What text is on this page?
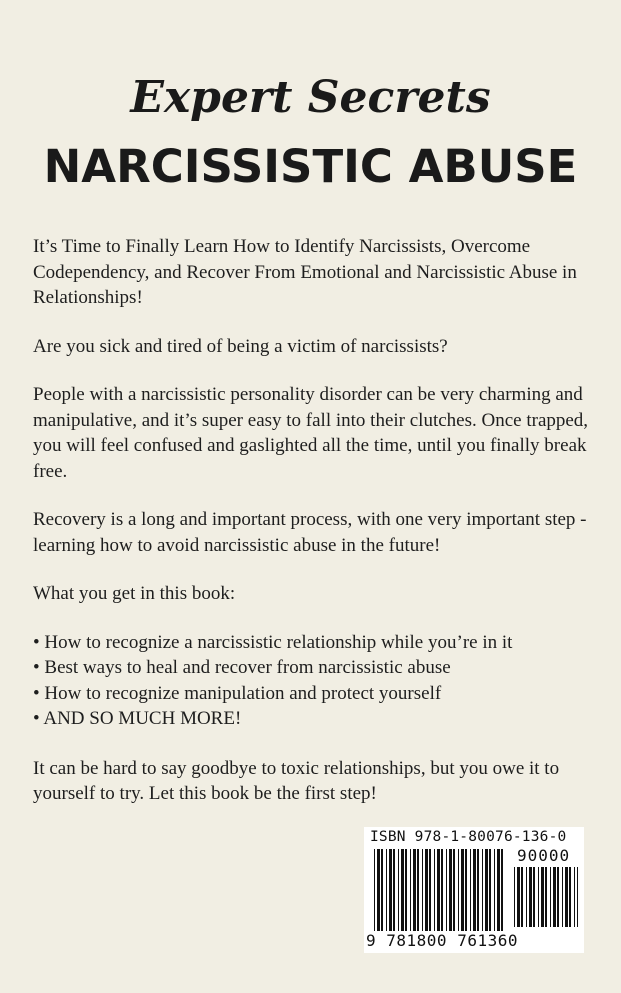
Expert Secrets
NARCISSISTIC ABUSE

It’s Time to Finally Learn How to Identify Narcissists, Overcome Codependency, and Recover From Emotional and Narcissistic Abuse in Relationships!

Are you sick and tired of being a victim of narcissists?

People with a narcissistic personality disorder can be very charming and manipulative, and it’s super easy to fall into their clutches. Once trapped, you will feel confused and gaslighted all the time, until you finally break free.

Recovery is a long and important process, with one very important step - learning how to avoid narcissistic abuse in the future!

What you get in this book:

• How to recognize a narcissistic relationship while you’re in it
• Best ways to heal and recover from narcissistic abuse
• How to recognize manipulation and protect yourself
• AND SO MUCH MORE!

It can be hard to say goodbye to toxic relationships, but you owe it to yourself to try. Let this book be the first step!

ISBN 978-1-80076-136-0
90000
9 781800 761360
